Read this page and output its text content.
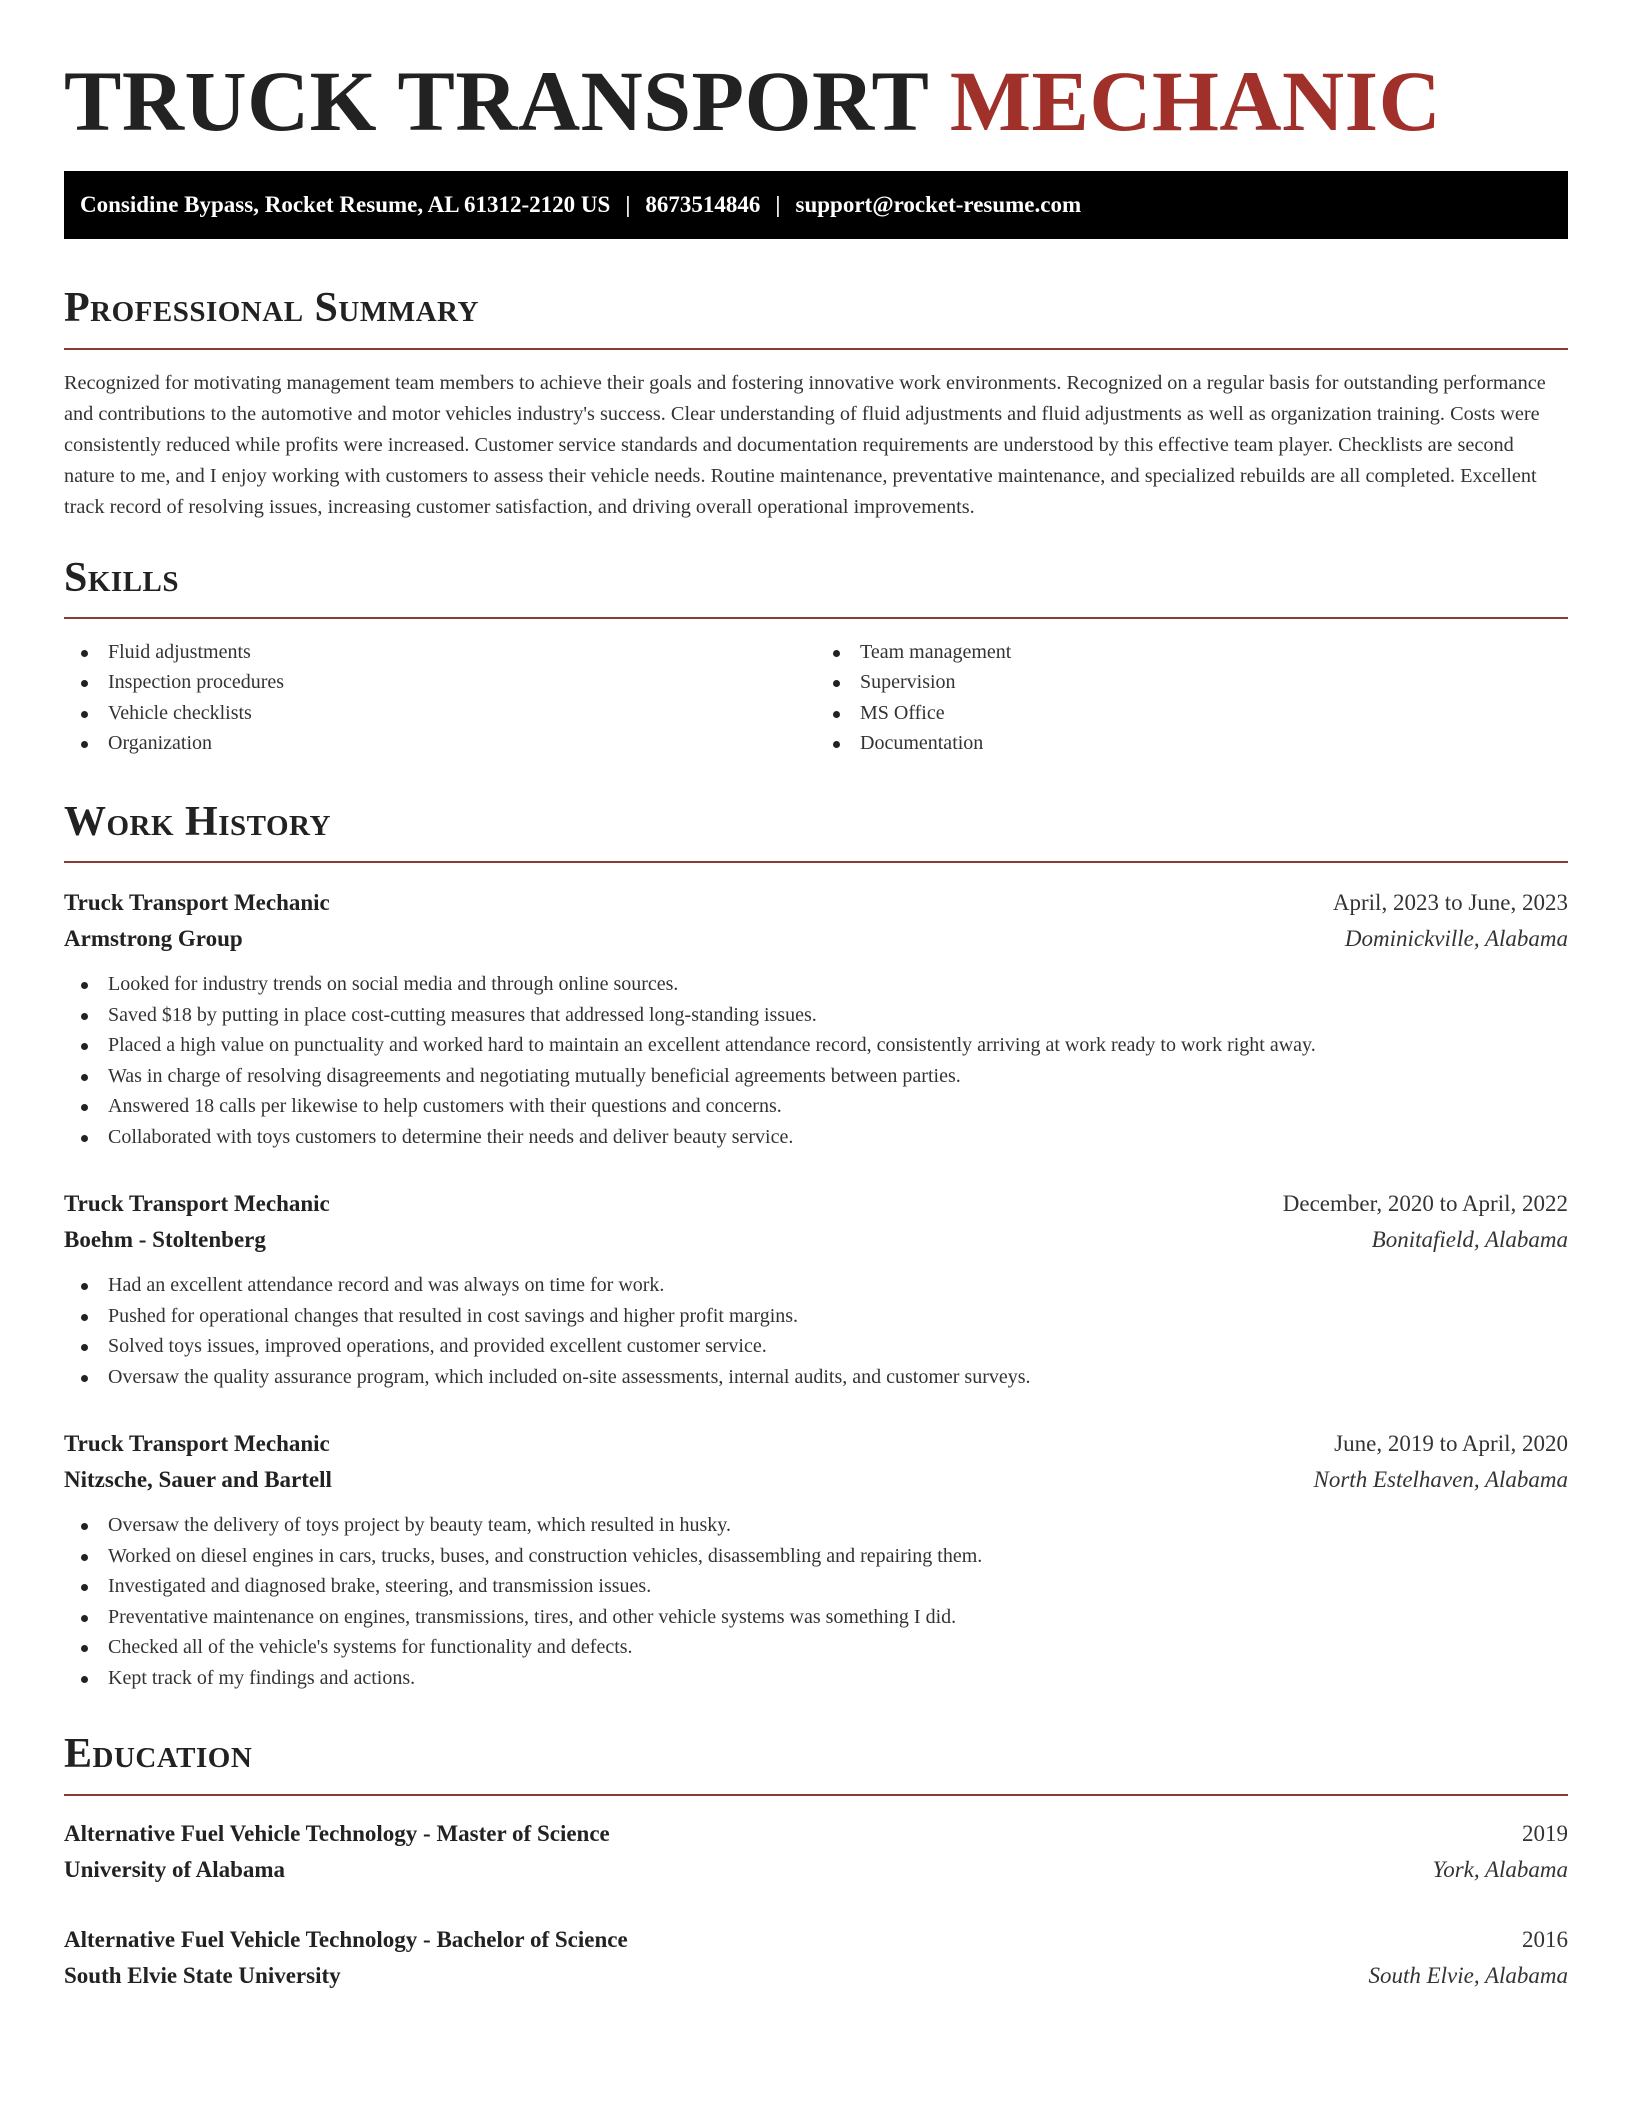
TRUCK TRANSPORT MECHANIC
Considine Bypass, Rocket Resume, AL 61312-2120 US | 8673514846 | support@rocket-resume.com
Professional Summary

Recognized for motivating management team members to achieve their goals and fostering innovative work environments. Recognized on a regular basis for outstanding performance and contributions to the automotive and motor vehicles industry's success. Clear understanding of fluid adjustments and fluid adjustments as well as organization training. Costs were consistently reduced while profits were increased. Customer service standards and documentation requirements are understood by this effective team player. Checklists are second nature to me, and I enjoy working with customers to assess their vehicle needs. Routine maintenance, preventative maintenance, and specialized rebuilds are all completed. Excellent track record of resolving issues, increasing customer satisfaction, and driving overall operational improvements.

Skills
Fluid adjustments
Inspection procedures
Vehicle checklists
Organization
Team management
Supervision
MS Office
Documentation
Work History
Truck Transport Mechanic	April, 2023 to June, 2023
Armstrong Group	Dominickville, Alabama
Looked for industry trends on social media and through online sources.
Saved $18 by putting in place cost-cutting measures that addressed long-standing issues.
Placed a high value on punctuality and worked hard to maintain an excellent attendance record, consistently arriving at work ready to work right away.
Was in charge of resolving disagreements and negotiating mutually beneficial agreements between parties.
Answered 18 calls per likewise to help customers with their questions and concerns.
Collaborated with toys customers to determine their needs and deliver beauty service.
Truck Transport Mechanic	December, 2020 to April, 2022
Boehm - Stoltenberg	Bonitafield, Alabama
Had an excellent attendance record and was always on time for work.
Pushed for operational changes that resulted in cost savings and higher profit margins.
Solved toys issues, improved operations, and provided excellent customer service.
Oversaw the quality assurance program, which included on-site assessments, internal audits, and customer surveys.
Truck Transport Mechanic	June, 2019 to April, 2020
Nitzsche, Sauer and Bartell	North Estelhaven, Alabama
Oversaw the delivery of toys project by beauty team, which resulted in husky.
Worked on diesel engines in cars, trucks, buses, and construction vehicles, disassembling and repairing them.
Investigated and diagnosed brake, steering, and transmission issues.
Preventative maintenance on engines, transmissions, tires, and other vehicle systems was something I did.
Checked all of the vehicle's systems for functionality and defects.
Kept track of my findings and actions.
Education
Alternative Fuel Vehicle Technology - Master of Science	2019
University of Alabama	York, Alabama
Alternative Fuel Vehicle Technology - Bachelor of Science	2016
South Elvie State University	South Elvie, Alabama
